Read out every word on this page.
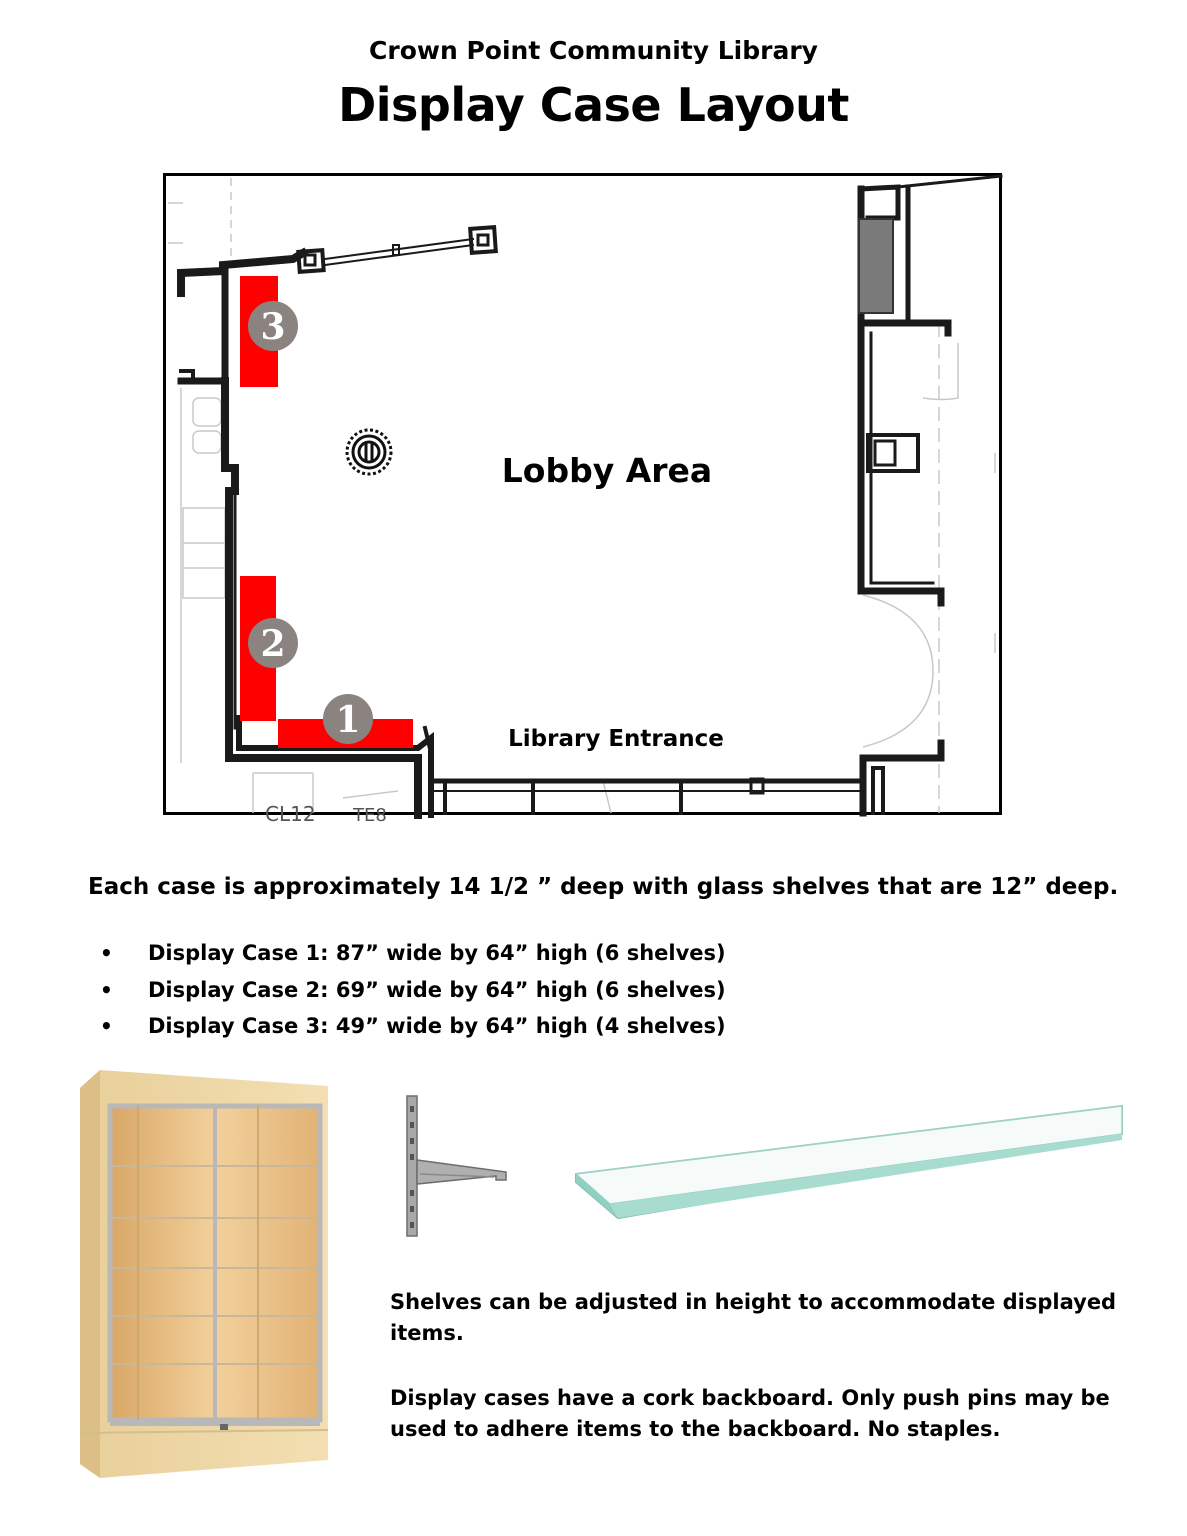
Crown Point Community Library
Display Case Layout
3
2
1
CL12 TE8
Lobby Area
Library Entrance

Each case is approximately 14 1/2 ” deep with glass shelves that are 12” deep.

• Display Case 1: 87” wide by 64” high (6 shelves)
• Display Case 2: 69” wide by 64” high (6 shelves)
• Display Case 3: 49” wide by 64” high (4 shelves)

Shelves can be adjusted in height to accommodate displayed items.

Display cases have a cork backboard. Only push pins may be used to adhere items to the backboard. No staples.
